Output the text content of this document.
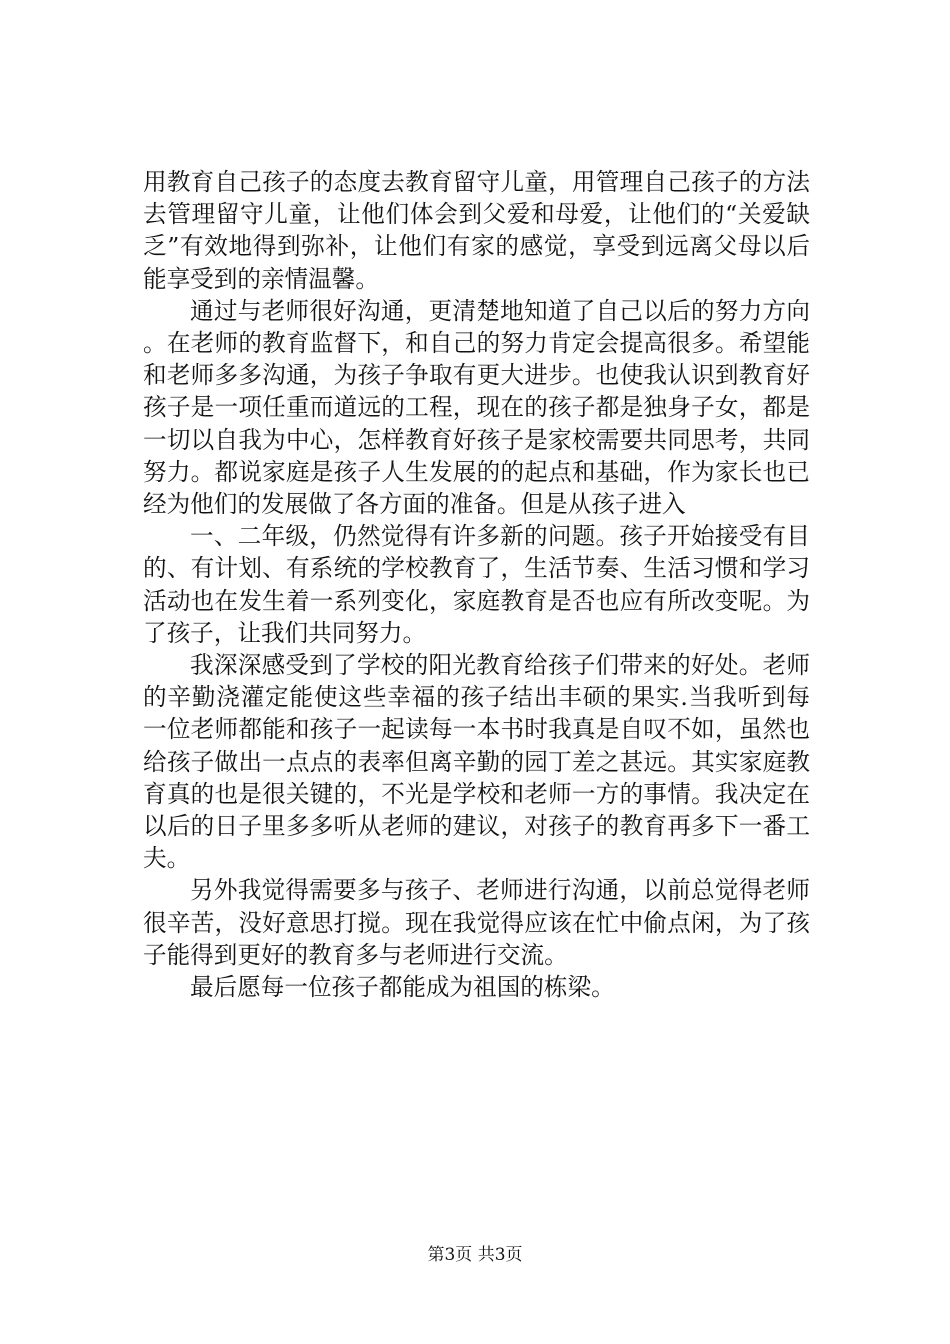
用教育自己孩子的态度去教育留守儿童，用管理自己孩子的方法去管理留守儿童，让他们体会到父爱和母爱，让他们的“关爱缺乏”有效地得到弥补，让他们有家的感觉，享受到远离父母以后能享受到的亲情温馨。

通过与老师很好沟通，更清楚地知道了自己以后的努力方向。在老师的教育监督下，和自己的努力肯定会提高很多。希望能和老师多多沟通，为孩子争取有更大进步。也使我认识到教育好孩子是一项任重而道远的工程，现在的孩子都是独身子女，都是一切以自我为中心，怎样教育好孩子是家校需要共同思考，共同努力。都说家庭是孩子人生发展的的起点和基础，作为家长也已经为他们的发展做了各方面的准备。但是从孩子进入

一、二年级，仍然觉得有许多新的问题。孩子开始接受有目的、有计划、有系统的学校教育了，生活节奏、生活习惯和学习活动也在发生着一系列变化，家庭教育是否也应有所改变呢。为了孩子，让我们共同努力。

我深深感受到了学校的阳光教育给孩子们带来的好处。老师的辛勤浇灌定能使这些幸福的孩子结出丰硕的果实.当我听到每一位老师都能和孩子一起读每一本书时我真是自叹不如，虽然也给孩子做出一点点的表率但离辛勤的园丁差之甚远。其实家庭教育真的也是很关键的，不光是学校和老师一方的事情。我决定在以后的日子里多多听从老师的建议，对孩子的教育再多下一番工夫。

另外我觉得需要多与孩子、老师进行沟通，以前总觉得老师很辛苦，没好意思打搅。现在我觉得应该在忙中偷点闲，为了孩子能得到更好的教育多与老师进行交流。

最后愿每一位孩子都能成为祖国的栋梁。

第3页 共3页
